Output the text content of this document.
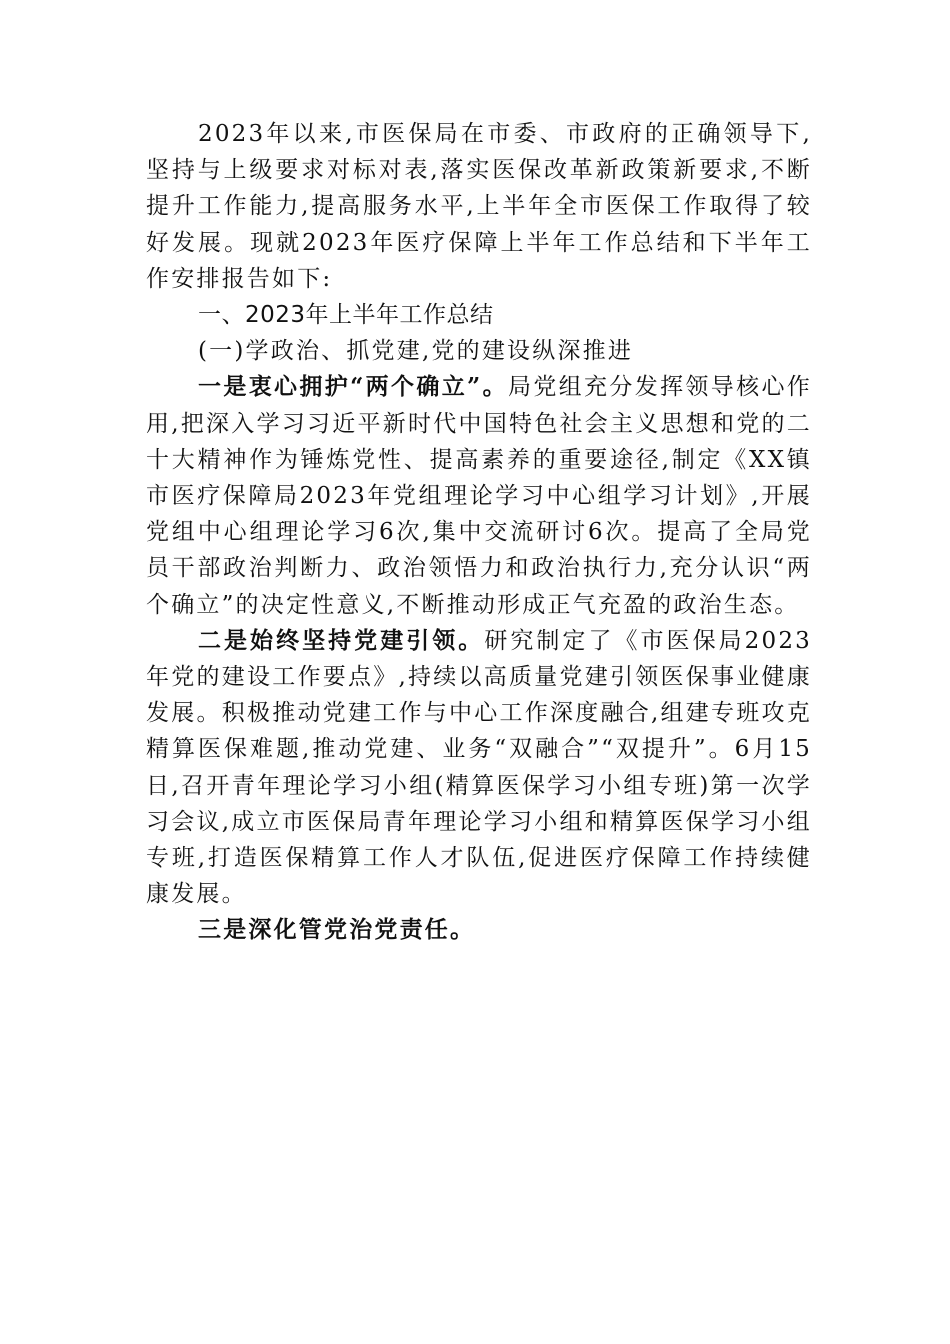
2023年以来,市医保局在市委、市政府的正确领导下,坚持与上级要求对标对表,落实医保改革新政策新要求,不断提升工作能力,提高服务水平,上半年全市医保工作取得了较好发展。现就2023年医疗保障上半年工作总结和下半年工作安排报告如下:

一、2023年上半年工作总结

(一)学政治、抓党建,党的建设纵深推进

一是衷心拥护“两个确立”。局党组充分发挥领导核心作用,把深入学习习近平新时代中国特色社会主义思想和党的二十大精神作为锤炼党性、提高素养的重要途径,制定《XX镇市医疗保障局2023年党组理论学习中心组学习计划》,开展党组中心组理论学习6次,集中交流研讨6次。提高了全局党员干部政治判断力、政治领悟力和政治执行力,充分认识“两个确立”的决定性意义,不断推动形成正气充盈的政治生态。

二是始终坚持党建引领。研究制定了《市医保局2023年党的建设工作要点》,持续以高质量党建引领医保事业健康发展。积极推动党建工作与中心工作深度融合,组建专班攻克精算医保难题,推动党建、业务“双融合”“双提升”。6月15日,召开青年理论学习小组(精算医保学习小组专班)第一次学习会议,成立市医保局青年理论学习小组和精算医保学习小组专班,打造医保精算工作人才队伍,促进医疗保障工作持续健康发展。

三是深化管党治党责任。
